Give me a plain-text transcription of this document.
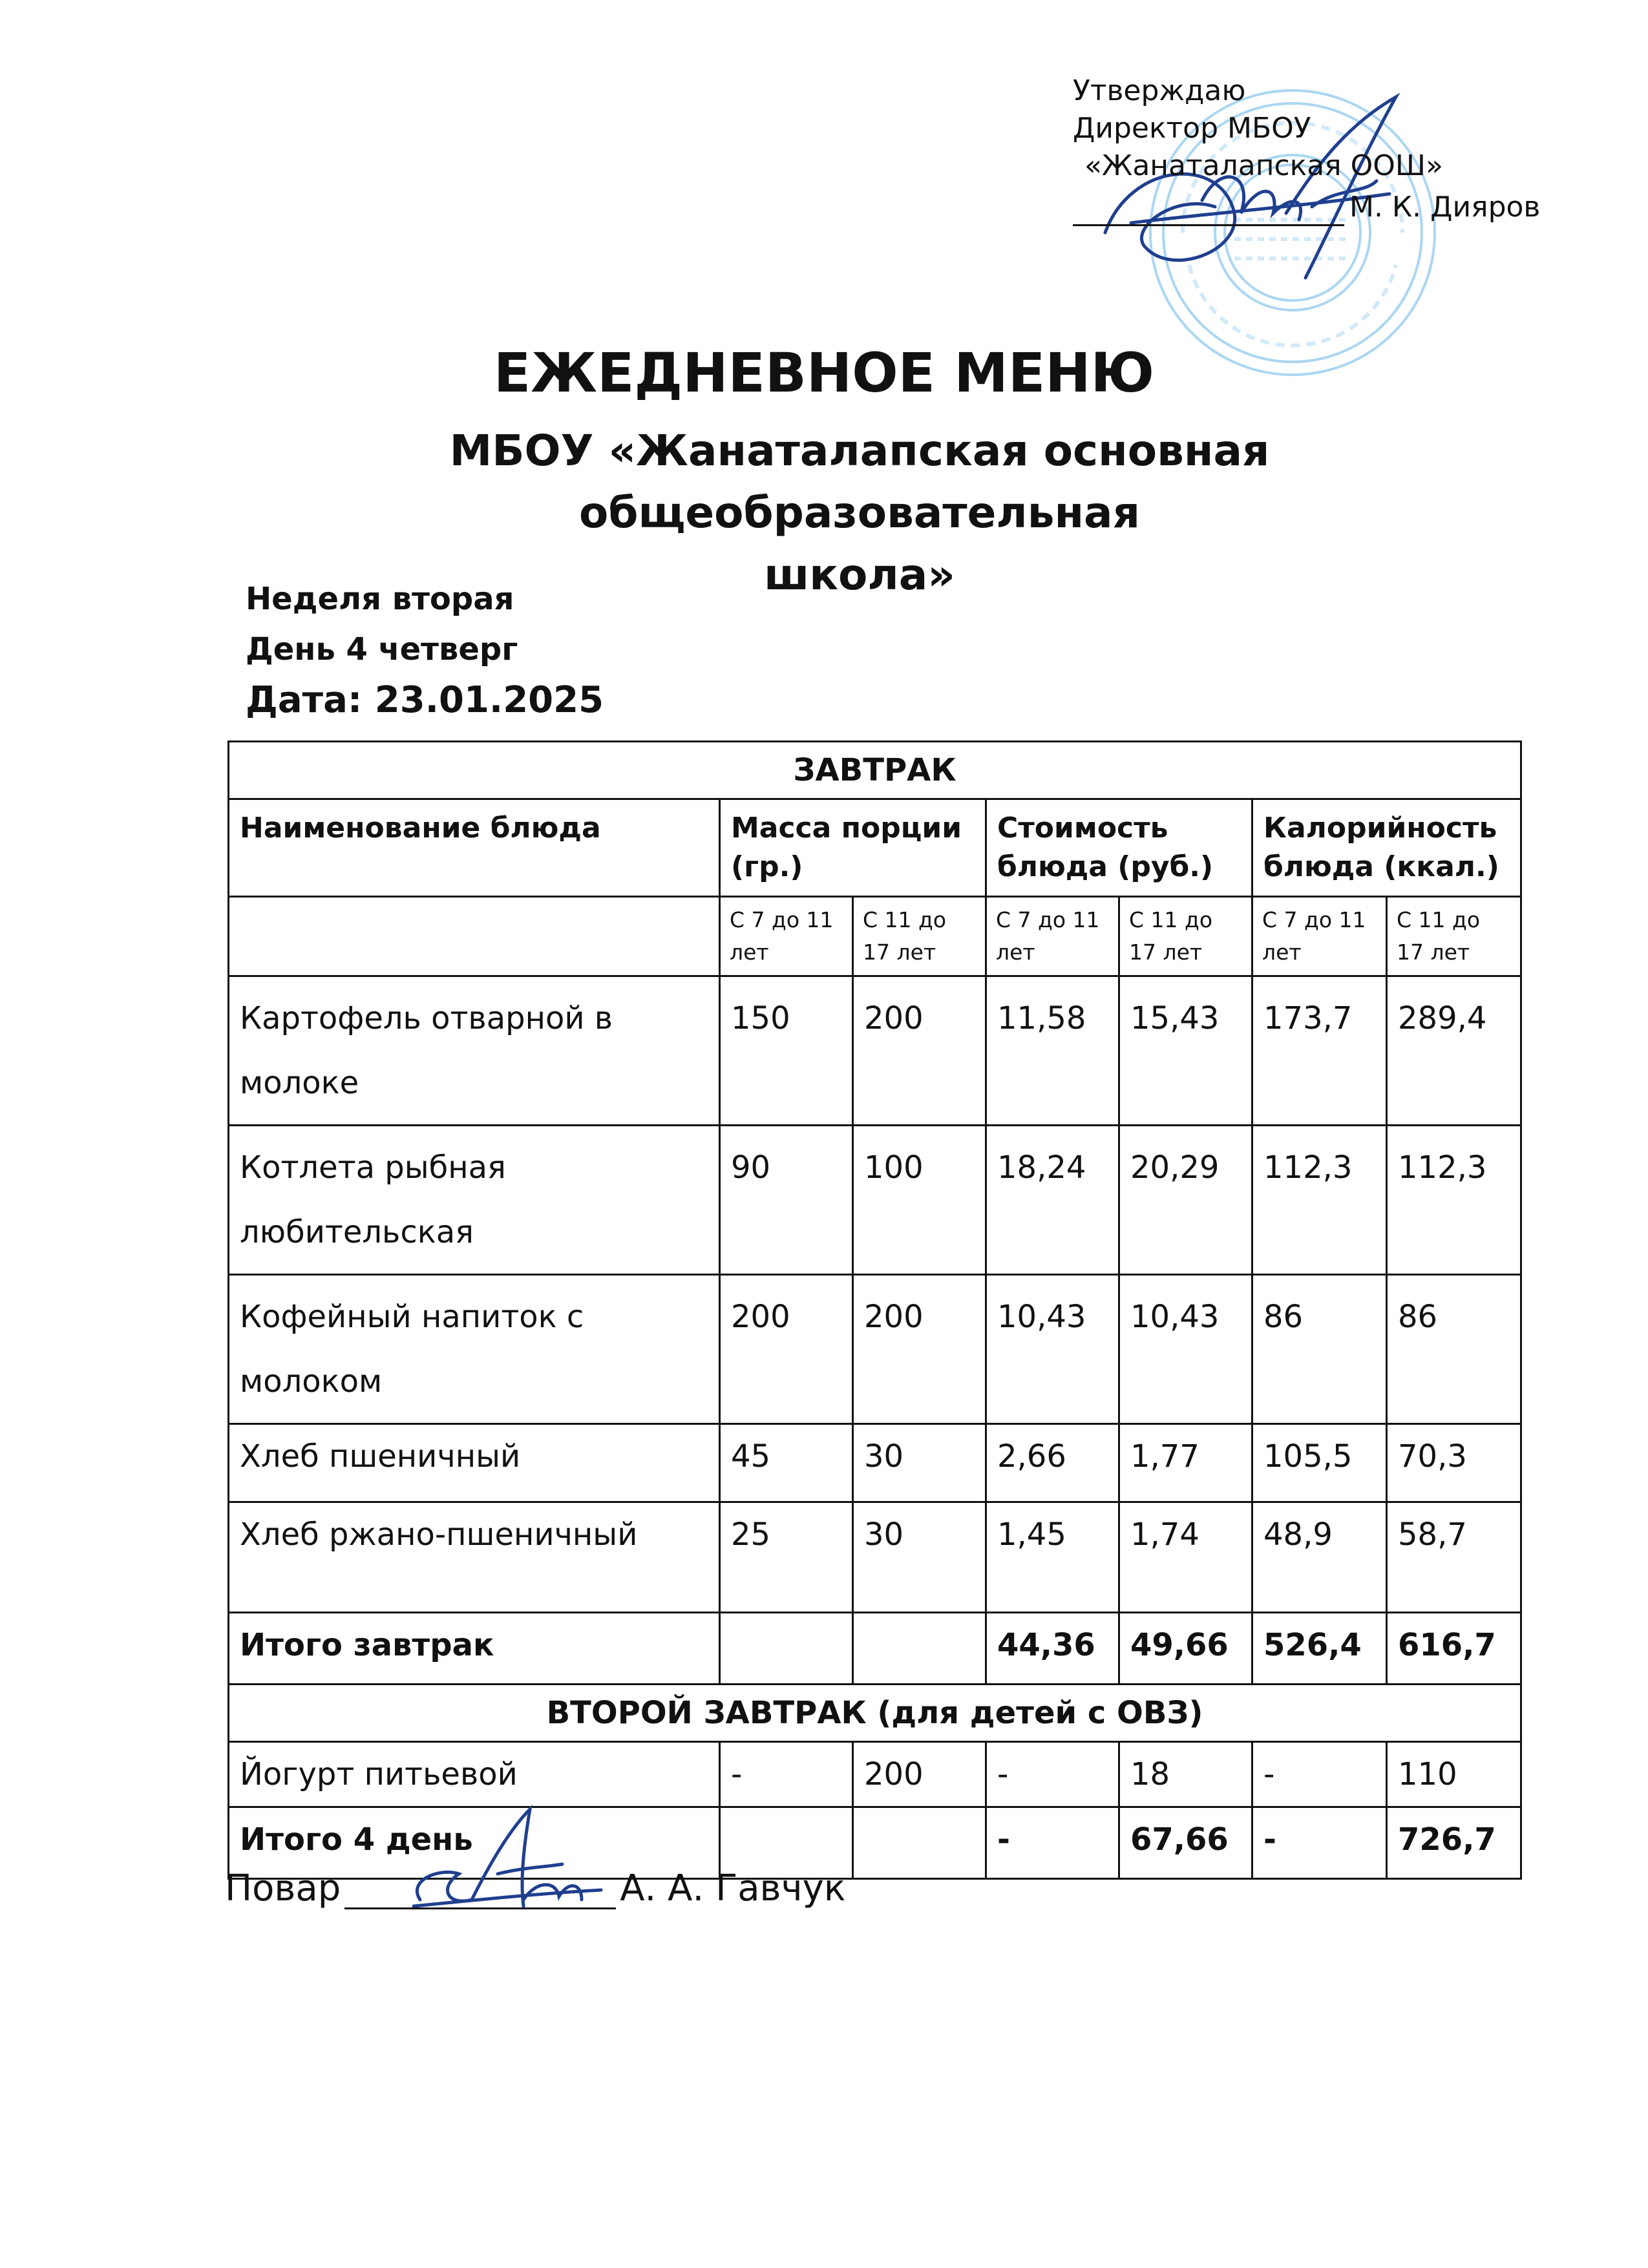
Утверждаю
Директор МБОУ
«Жанаталапская ООШ»
М. К. Дияров
ЕЖЕДНЕВНОЕ МЕНЮ
МБОУ «Жанаталапская основная общеобразовательная
школа»
Неделя вторая
День 4 четверг
Дата: 23.01.2025
ЗАВТРАК						
Наименование блюда	Масса порции (гр.)		Стоимость блюда (руб.)		Калорийность блюда (ккал.)	
	С 7 до 11 лет	С 11 до 17 лет	С 7 до 11 лет	С 11 до 17 лет	С 7 до 11 лет	С 11 до 17 лет
Картофель отварной в молоке	150	200	11,58	15,43	173,7	289,4
Котлета рыбная любительская	90	100	18,24	20,29	112,3	112,3
Кофейный напиток с молоком	200	200	10,43	10,43	86	86
Хлеб пшеничный	45	30	2,66	1,77	105,5	70,3
Хлеб ржано-пшеничный	25	30	1,45	1,74	48,9	58,7
Итого завтрак			44,36	49,66	526,4	616,7
ВТОРОЙ ЗАВТРАК (для детей с ОВЗ)						
Йогурт питьевой	-	200	-	18	-	110
Итого 4 день			-	67,66	-	726,7
Повар	А. А. Гавчук
